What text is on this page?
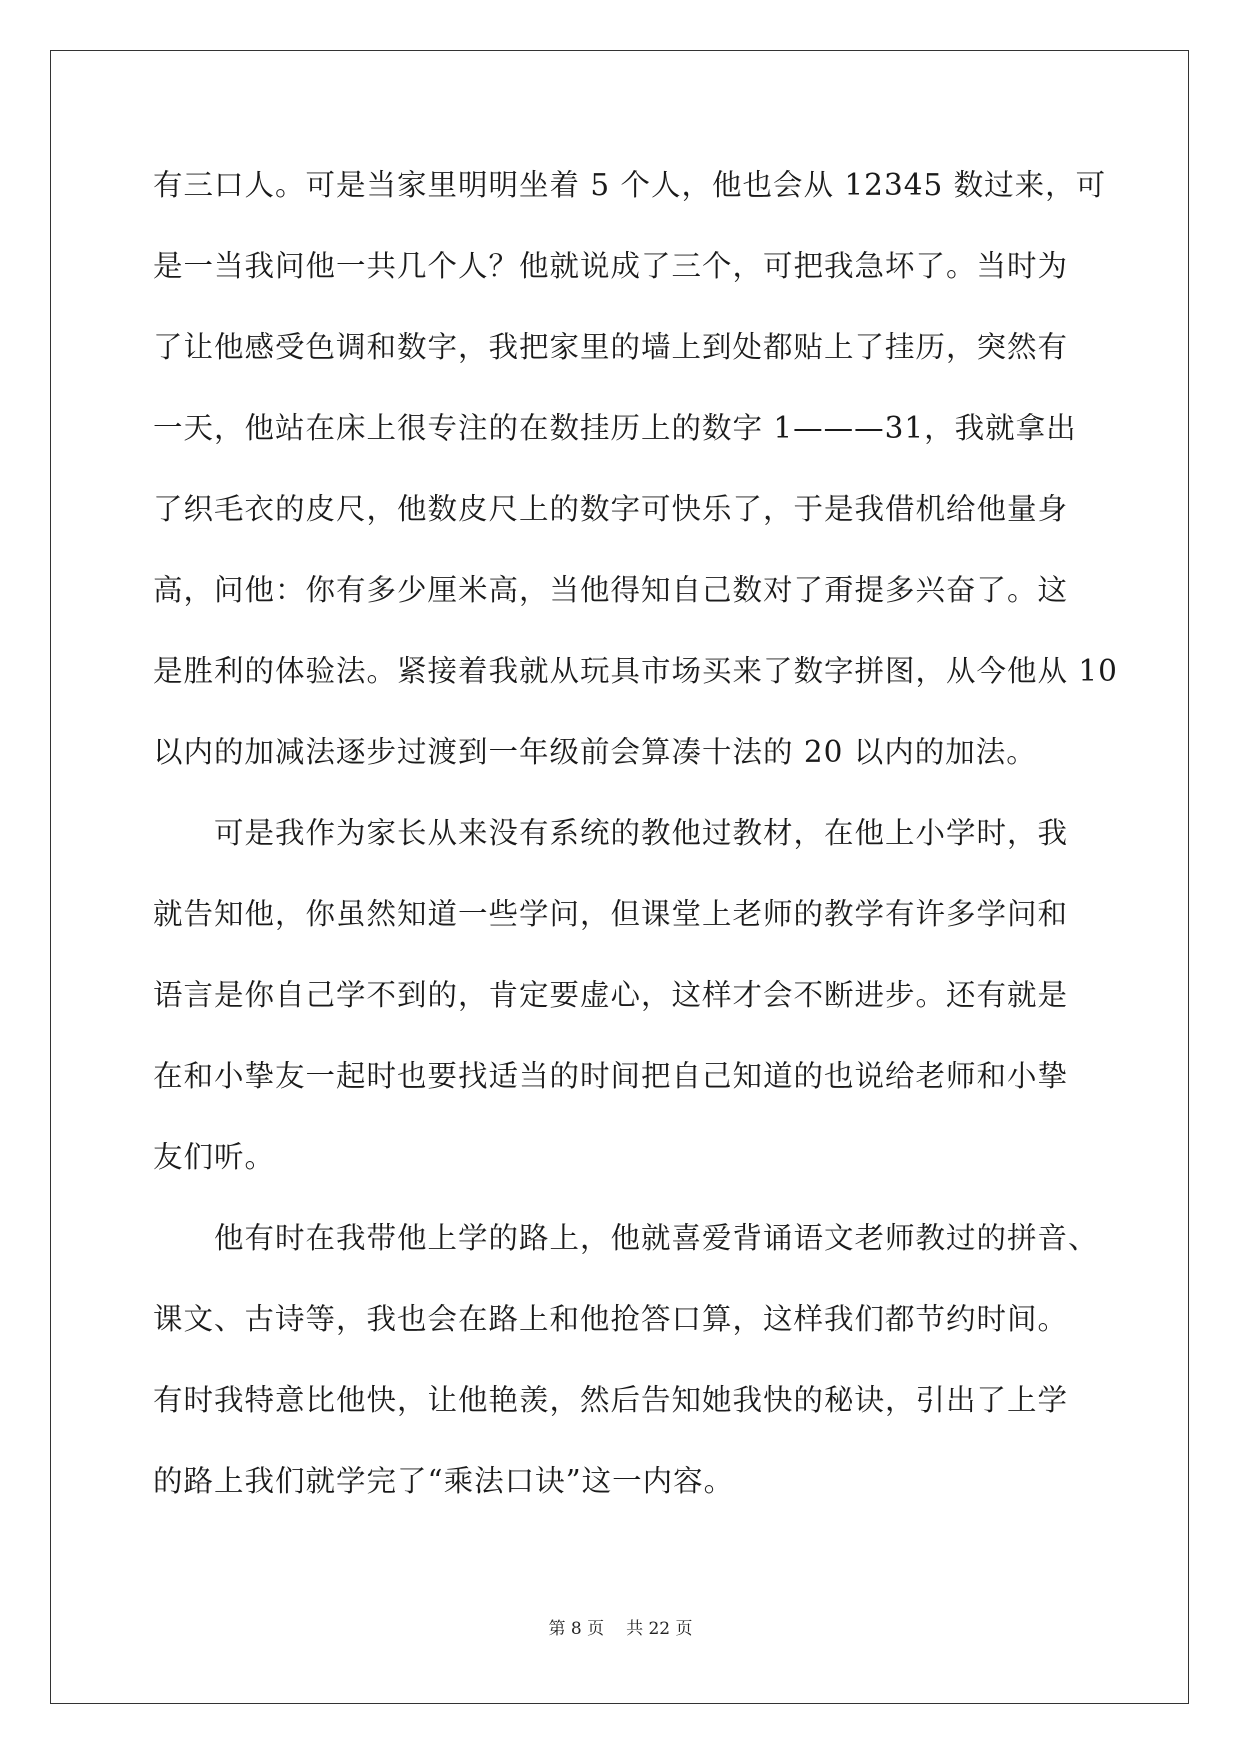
有三口人。可是当家里明明坐着 5 个人，他也会从 12345 数过来，可
是一当我问他一共几个人？他就说成了三个，可把我急坏了。当时为
了让他感受色调和数字，我把家里的墙上到处都贴上了挂历，突然有
一天，他站在床上很专注的在数挂历上的数字 1———31，我就拿出
了织毛衣的皮尺，他数皮尺上的数字可快乐了，于是我借机给他量身
高，问他：你有多少厘米高，当他得知自己数对了甭提多兴奋了。这
是胜利的体验法。紧接着我就从玩具市场买来了数字拼图，从今他从 10
以内的加减法逐步过渡到一年级前会算凑十法的 20 以内的加法。
　　可是我作为家长从来没有系统的教他过教材，在他上小学时，我
就告知他，你虽然知道一些学问，但课堂上老师的教学有许多学问和
语言是你自己学不到的，肯定要虚心，这样才会不断进步。还有就是
在和小挚友一起时也要找适当的时间把自己知道的也说给老师和小挚
友们听。
　　他有时在我带他上学的路上，他就喜爱背诵语文老师教过的拼音、
课文、古诗等，我也会在路上和他抢答口算，这样我们都节约时间。
有时我特意比他快，让他艳羡，然后告知她我快的秘诀，引出了上学
的路上我们就学完了“乘法口诀”这一内容。
第 8 页 共 22 页
